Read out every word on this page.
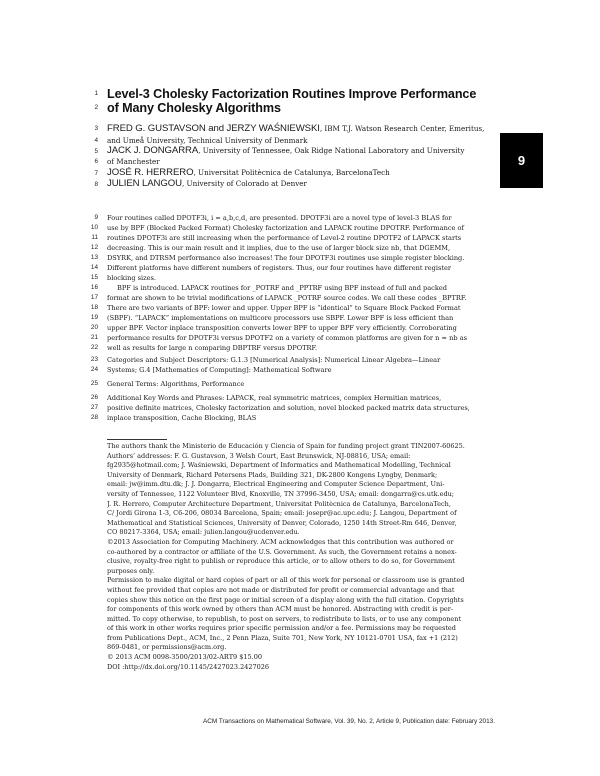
1
2
3
4
5
6
7
8
9
10
11
12
13
14
15
16
17
18
19
20
21
22
23
24
25
26
27
28
Level-3 Cholesky Factorization Routines Improve Performance
of Many Cholesky Algorithms
FRED G. GUSTAVSON and JERZY WAŚNIEWSKI, IBM T.J. Watson Research Center, Emeritus,
and Umeå University, Technical University of Denmark
JACK J. DONGARRA, University of Tennessee, Oak Ridge National Laboratory and University
of Manchester
JOSÉ R. HERRERO, Universitat Politècnica de Catalunya, BarcelonaTech
JULIEN LANGOU, University of Colorado at Denver
9
Four routines called DPOTF3i, i = a,b,c,d, are presented. DPOTF3i are a novel type of level-3 BLAS for
use by BPF (Blocked Packed Format) Cholesky factorization and LAPACK routine DPOTRF. Performance of
routines DPOTF3i are still increasing when the performance of Level-2 routine DPOTF2 of LAPACK starts
decreasing. This is our main result and it implies, due to the use of larger block size nb, that DGEMM,
DSYRK, and DTRSM performance also increases! The four DPOTF3i routines use simple register blocking.
Different platforms have different numbers of registers. Thus, our four routines have different register
blocking sizes.
BPF is introduced. LAPACK routines for _POTRF and _PPTRF using BPF instead of full and packed
format are shown to be trivial modifications of LAPACK _POTRF source codes. We call these codes _BPTRF.
There are two variants of BPF: lower and upper. Upper BPF is “identical” to Square Block Packed Format
(SBPF). “LAPACK” implementations on multicore processors use SBPF. Lower BPF is less efficient than
upper BPF. Vector inplace transposition converts lower BPF to upper BPF very efficiently. Corroborating
performance results for DPOTF3i versus DPOTF2 on a variety of common platforms are given for n ≈ nb as
well as results for large n comparing DBPTRF versus DPOTRF.
Categories and Subject Descriptors: G.1.3 [Numerical Analysis]: Numerical Linear Algebra—Linear
Systems; G.4 [Mathematics of Computing]: Mathematical Software
General Terms: Algorithms, Performance
Additional Key Words and Phrases: LAPACK, real symmetric matrices, complex Hermitian matrices,
positive definite matrices, Cholesky factorization and solution, novel blocked packed matrix data structures,
inplace transposition, Cache Blocking, BLAS
The authors thank the Ministerio de Educación y Ciencia of Spain for funding project grant TIN2007-60625.
Authors’ addresses: F. G. Gustavson, 3 Welsh Court, East Brunswick, NJ-08816, USA; email:
fg2935@hotmail.com; J. Waśniewski, Department of Informatics and Mathematical Modelling, Technical
University of Denmark, Richard Petersens Plads, Building 321, DK-2800 Kongens Lyngby, Denmark;
email: jw@imm.dtu.dk; J. J. Dongarra, Electrical Engineering and Computer Science Department, Uni-
versity of Tennessee, 1122 Volunteer Blvd, Knoxville, TN 37996-3450, USA; email: dongarra@cs.utk.edu;
J. R. Herrero, Computer Architecture Department, Universitat Politècnica de Catalunya, BarcelonaTech,
C/ Jordi Girona 1-3, C6-206, 08034 Barcelona, Spain; email: josepr@ac.upc.edu; J. Langou, Department of
Mathematical and Statistical Sciences, University of Denver, Colorado, 1250 14th Street-Rm 646, Denver,
CO 80217-3364, USA; email: julien.langou@ucdenver.edu.
©2013 Association for Computing Machinery. ACM acknowledges that this contribution was authored or
co-authored by a contractor or affiliate of the U.S. Government. As such, the Government retains a nonex-
clusive, royalty-free right to publish or reproduce this article, or to allow others to do so, for Government
purposes only.
Permission to make digital or hard copies of part or all of this work for personal or classroom use is granted
without fee provided that copies are not made or distributed for profit or commercial advantage and that
copies show this notice on the first page or initial screen of a display along with the full citation. Copyrights
for components of this work owned by others than ACM must be honored. Abstracting with credit is per-
mitted. To copy otherwise, to republish, to post on servers, to redistribute to lists, or to use any component
of this work in other works requires prior specific permission and/or a fee. Permissions may be requested
from Publications Dept., ACM, Inc., 2 Penn Plaza, Suite 701, New York, NY 10121-0701 USA, fax +1 (212)
869-0481, or permissions@acm.org.
© 2013 ACM 0098-3500/2013/02-ART9 $15.00
DOI :http://dx.doi.org/10.1145/2427023.2427026
ACM Transactions on Mathematical Software, Vol. 39, No. 2, Article 9, Publication date: February 2013.
